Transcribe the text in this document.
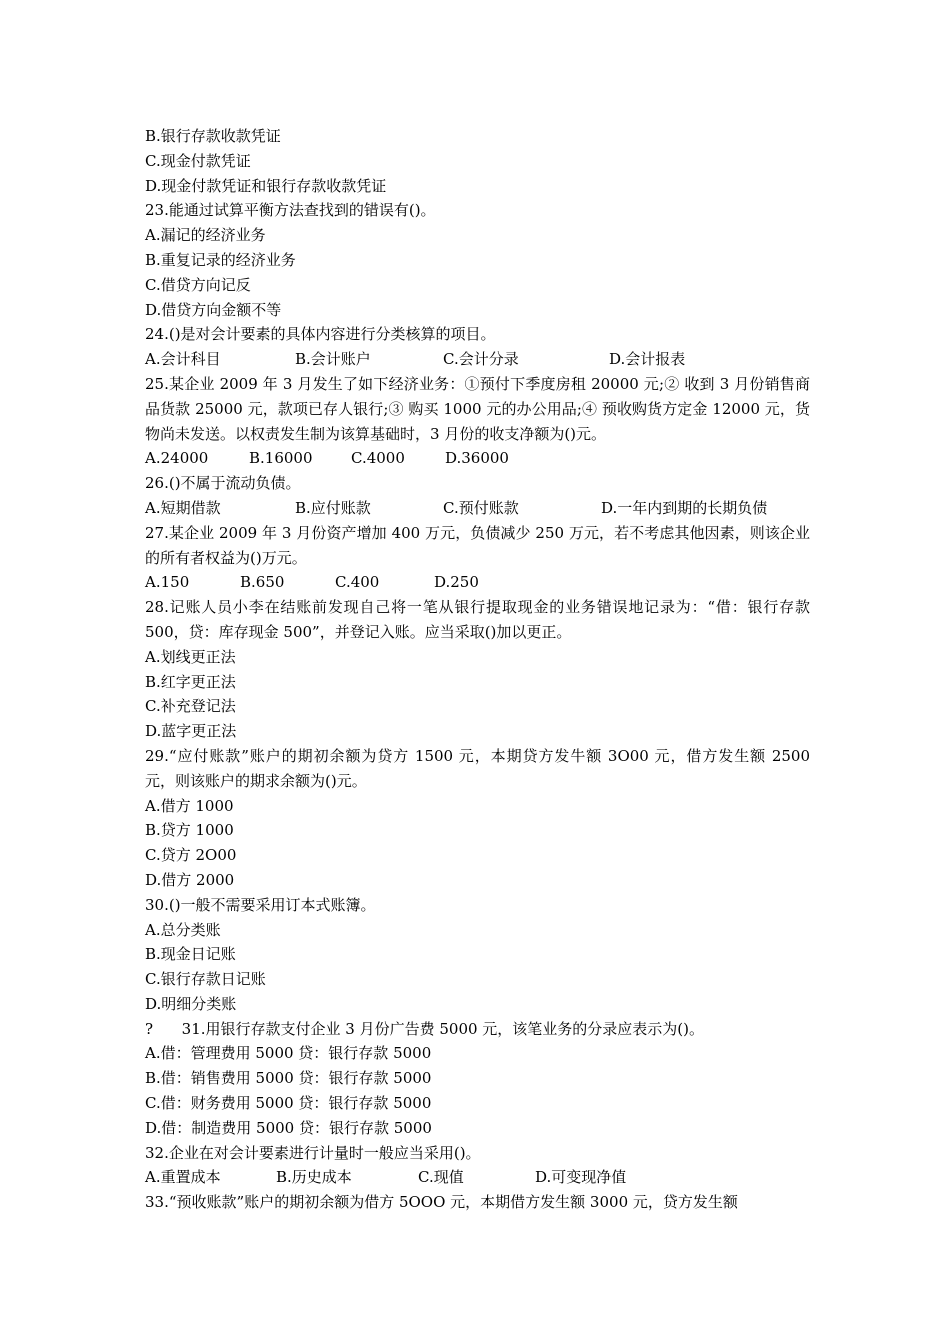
B.银行存款收款凭证
C.现金付款凭证
D.现金付款凭证和银行存款收款凭证
23.能通过试算平衡方法查找到的错误有()。
A.漏记的经济业务
B.重复记录的经济业务
C.借贷方向记反
D.借贷方向金额不等
24.()是对会计要素的具体内容进行分类核算的项目。
A.会计科目	B.会计账户	C.会计分录	D.会计报表
25.某企业 2009 年 3 月发生了如下经济业务：①预付下季度房租 20000 元;② 收到 3 月份销售商品货款 25000 元，款项已存人银行;③ 购买 1000 元的办公用品;④ 预收购货方定金 12000 元，货物尚未发送。以权责发生制为该算基础时，3 月份的收支净额为()元。
A.24000	B.16000	C.4000	D.36000
26.()不属于流动负债。
A.短期借款	B.应付账款	C.预付账款	D.一年内到期的长期负债
27.某企业 2009 年 3 月份资产增加 400 万元，负债减少 250 万元，若不考虑其他因素，则该企业的所有者权益为()万元。
A.150	B.650	C.400	D.250
28.记账人员小李在结账前发现自己将一笔从银行提取现金的业务错误地记录为：“借：银行存款 500，贷：库存现金 500”，并登记入账。应当采取()加以更正。
A.划线更正法
B.红字更正法
C.补充登记法
D.蓝字更正法
29.“应付账款”账户的期初余额为贷方 1500 元，本期贷方发牛额 3O00 元，借方发生额 2500 元，则该账户的期求余额为()元。
A.借方 1000
B.贷方 1000
C.贷方 2O00
D.借方 2000
30.()一般不需要采用订本式账簿。
A.总分类账
B.现金日记账
C.银行存款日记账
D.明细分类账
?      31.用银行存款支付企业 3 月份广告费 5000 元，该笔业务的分录应表示为()。
A.借：管理费用 5000 贷：银行存款 5000
B.借：销售费用 5000 贷：银行存款 5000
C.借：财务费用 5000 贷：银行存款 5000
D.借：制造费用 5000 贷：银行存款 5000
32.企业在对会计要素进行计量时一般应当采用()。
A.重置成本	B.历史成本	C.现值	D.可变现净值
33.“预收账款”账户的期初余额为借方 5OOO 元，本期借方发生额 3000 元，贷方发生额
